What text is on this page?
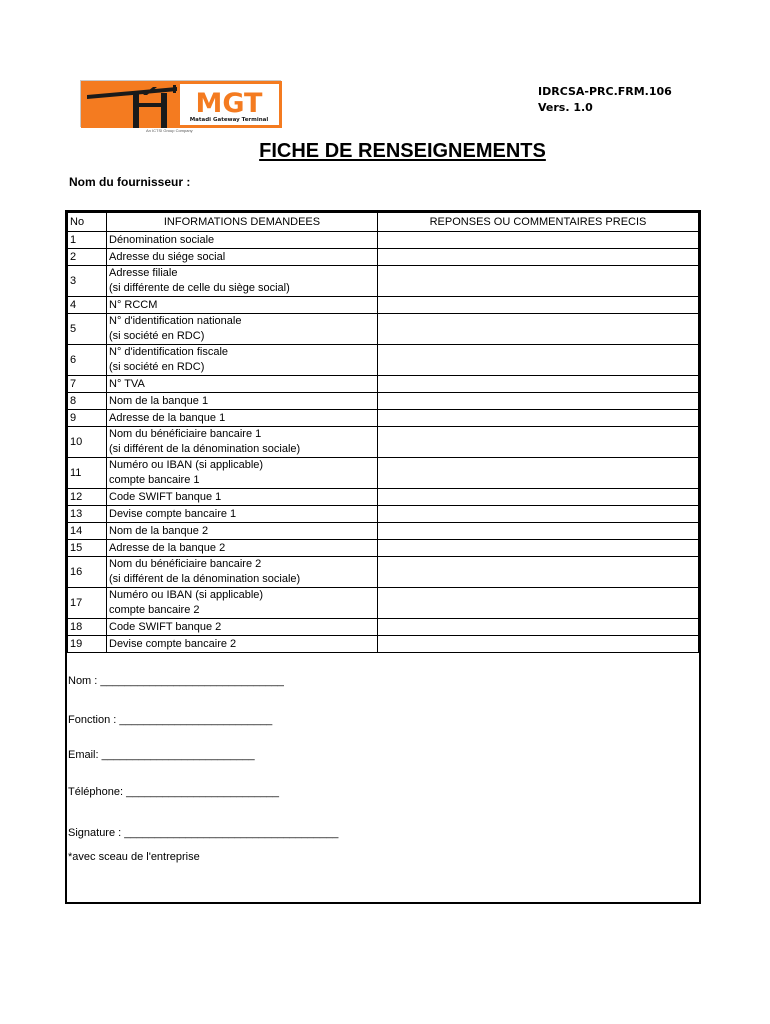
MGT
Matadi Gateway Terminal
An ICTSI Group Company
IDRCSA-PRC.FRM.106
Vers. 1.0
FICHE DE RENSEIGNEMENTS
Nom du fournisseur :
No	INFORMATIONS DEMANDEES	REPONSES OU COMMENTAIRES PRECIS
1	Dénomination sociale	

2	Adresse du siége social	

3	Adresse filiale
(si différente de celle du siège social)	

4	N° RCCM	

5	N° d'identification nationale
(si société en RDC)	

6	N° d'identification fiscale
(si société en RDC)	

7	N° TVA	

8	Nom de la banque 1	

9	Adresse de la banque 1	

10	Nom du bénéficiaire bancaire 1
(si différent de la dénomination sociale)	

11	Numéro ou IBAN (si applicable)
compte bancaire 1	

12	Code SWIFT banque 1	

13	Devise compte bancaire 1	

14	Nom de la banque 2	

15	Adresse de la banque 2	

16	Nom du bénéficiaire bancaire 2
(si différent de la dénomination sociale)	

17	Numéro ou IBAN (si applicable)
compte bancaire 2	

18	Code SWIFT banque 2	

19	Devise compte bancaire 2	

Nom : ______________________________
Fonction : _________________________
Email: _________________________
Téléphone: _________________________
Signature : ___________________________________
*avec sceau de l'entreprise
